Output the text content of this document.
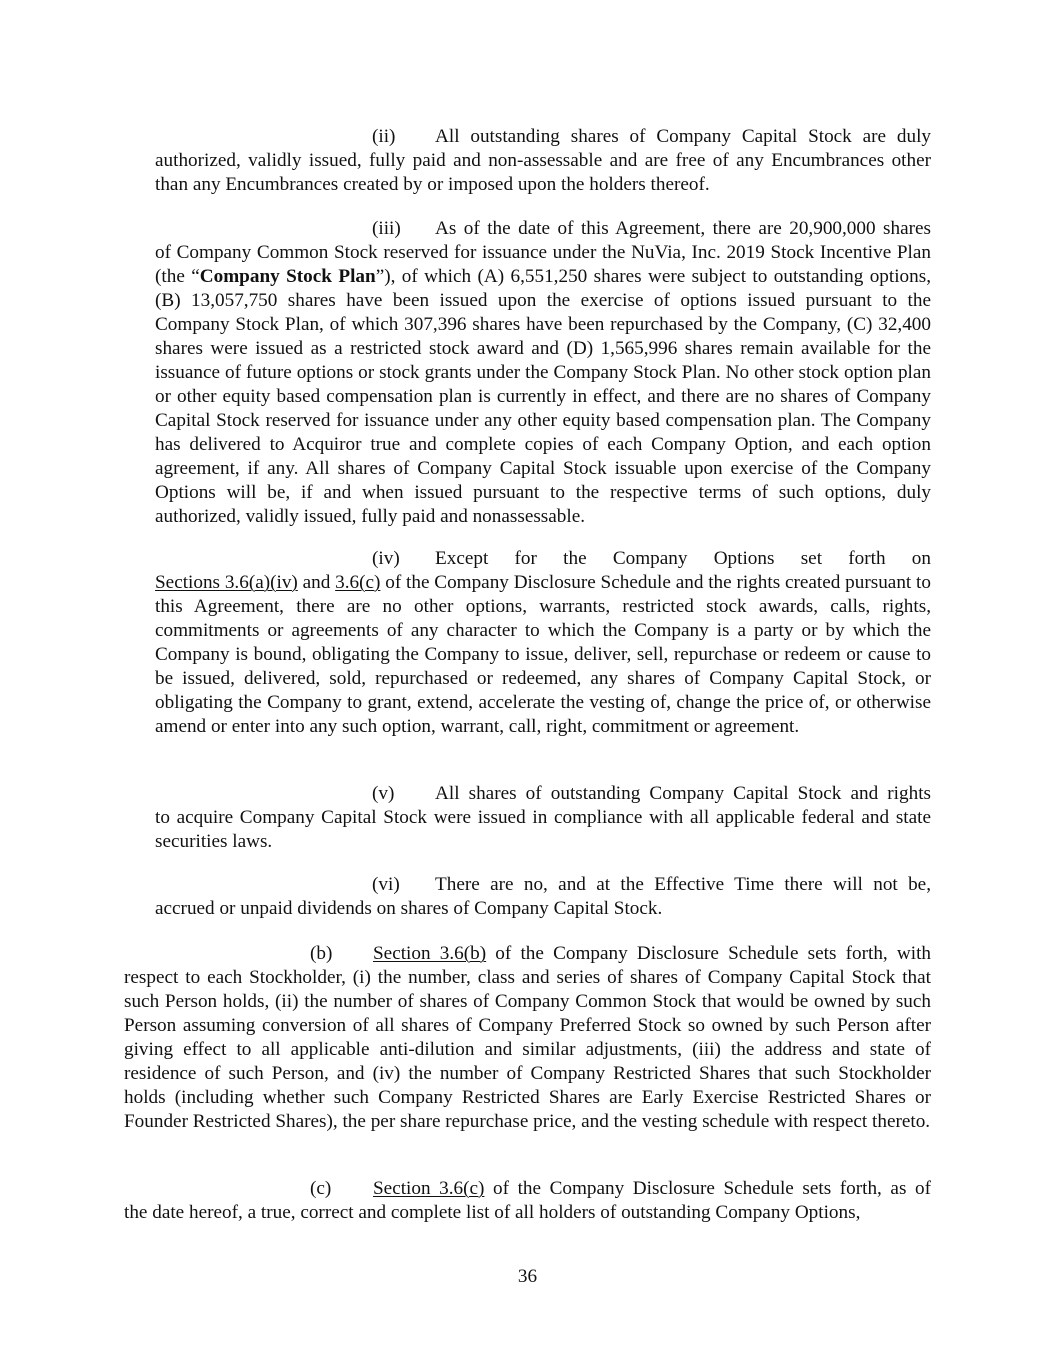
(ii) All outstanding shares of Company Capital Stock are duly
authorized, validly issued, fully paid and non-assessable and are free of any Encumbrances other than any Encumbrances created by or imposed upon the holders thereof.

(iii) As of the date of this Agreement, there are 20,900,000 shares
of Company Common Stock reserved for issuance under the NuVia, Inc. 2019 Stock Incentive Plan (the “Company Stock Plan”), of which (A) 6,551,250 shares were subject to outstanding options, (B) 13,057,750 shares have been issued upon the exercise of options issued pursuant to the Company Stock Plan, of which 307,396 shares have been repurchased by the Company, (C) 32,400 shares were issued as a restricted stock award and (D) 1,565,996 shares remain available for the issuance of future options or stock grants under the Company Stock Plan. No other stock option plan or other equity based compensation plan is currently in effect, and there are no shares of Company Capital Stock reserved for issuance under any other equity based compensation plan. The Company has delivered to Acquiror true and complete copies of each Company Option, and each option agreement, if any. All shares of Company Capital Stock issuable upon exercise of the Company Options will be, if and when issued pursuant to the respective terms of such options, duly authorized, validly issued, fully paid and nonassessable.

(iv) Except for the Company Options set forth on
Sections 3.6(a)(iv) and 3.6(c) of the Company Disclosure Schedule and the rights created pursuant to this Agreement, there are no other options, warrants, restricted stock awards, calls, rights, commitments or agreements of any character to which the Company is a party or by which the Company is bound, obligating the Company to issue, deliver, sell, repurchase or redeem or cause to be issued, delivered, sold, repurchased or redeemed, any shares of Company Capital Stock, or obligating the Company to grant, extend, accelerate the vesting of, change the price of, or otherwise amend or enter into any such option, warrant, call, right, commitment or agreement.

(v) All shares of outstanding Company Capital Stock and rights
to acquire Company Capital Stock were issued in compliance with all applicable federal and state securities laws.

(vi) There are no, and at the Effective Time there will not be,
accrued or unpaid dividends on shares of Company Capital Stock.

(b) Section 3.6(b) of the Company Disclosure Schedule sets forth, with
respect to each Stockholder, (i) the number, class and series of shares of Company Capital Stock that such Person holds, (ii) the number of shares of Company Common Stock that would be owned by such Person assuming conversion of all shares of Company Preferred Stock so owned by such Person after giving effect to all applicable anti-dilution and similar adjustments, (iii) the address and state of residence of such Person, and (iv) the number of Company Restricted Shares that such Stockholder holds (including whether such Company Restricted Shares are Early Exercise Restricted Shares or Founder Restricted Shares), the per share repurchase price, and the vesting schedule with respect thereto.

(c) Section 3.6(c) of the Company Disclosure Schedule sets forth, as of
the date hereof, a true, correct and complete list of all holders of outstanding Company Options,

36
